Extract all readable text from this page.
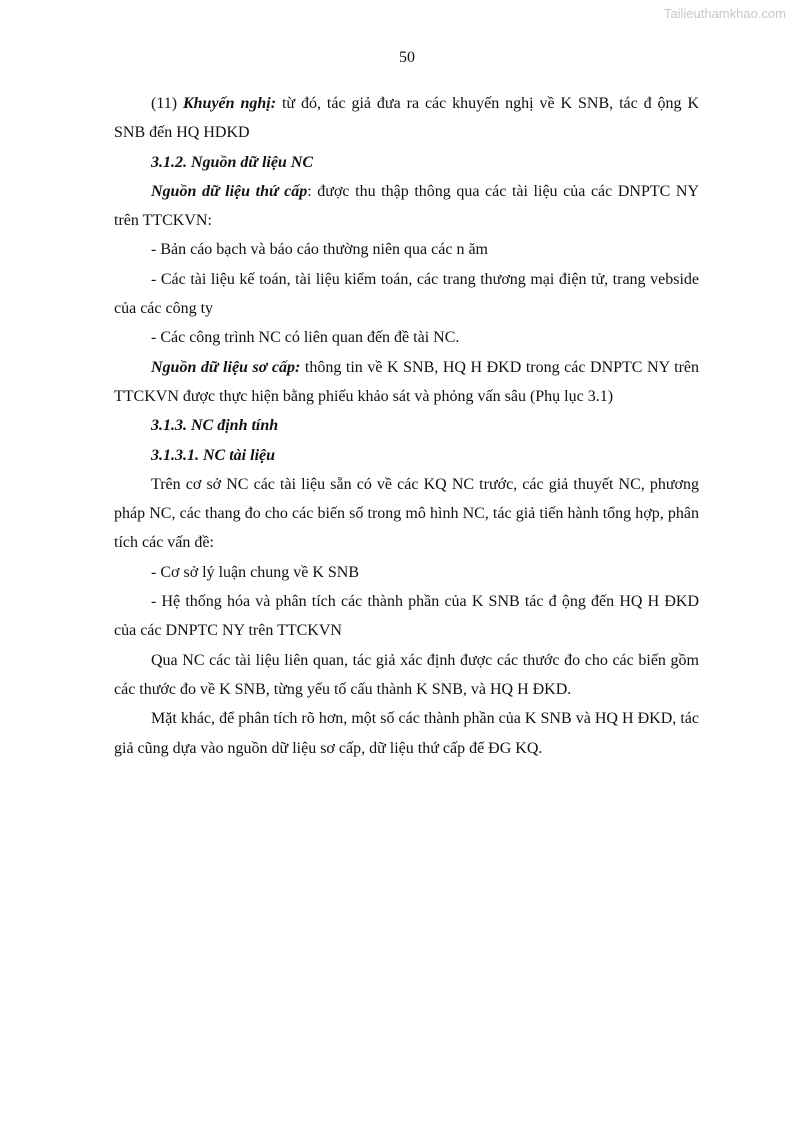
Tailieuthamkhao.com
50

(11) Khuyến nghị: từ đó, tác giả đưa ra các khuyến nghị về K SNB, tác đ ộng K SNB đến HQ HDKD

3.1.2. Nguồn dữ liệu NC

Nguồn dữ liệu thứ cấp: được thu thập thông qua các tài liệu của các DNPTC NY trên TTCKVN:

- Bản cáo bạch và báo cáo thường niên qua các n ăm

- Các tài liệu kế toán, tài liệu kiểm toán, các trang thương mại điện tử, trang vebside của các công ty

- Các công trình NC có liên quan đến đề tài NC.

Nguồn dữ liệu sơ cấp: thông tin về K SNB, HQ H ĐKD trong các DNPTC NY trên TTCKVN được thực hiện bằng phiếu khảo sát và phỏng vấn sâu (Phụ lục 3.1)

3.1.3. NC định tính

3.1.3.1. NC tài liệu

Trên cơ sở NC các tài liệu sẵn có về các KQ NC trước, các giả thuyết NC, phương pháp NC, các thang đo cho các biến số trong mô hình NC, tác giả tiến hành tổng hợp, phân tích các vấn đề:

- Cơ sở lý luận chung về K SNB

- Hệ thống hóa và phân tích các thành phần của K SNB tác đ ộng đến HQ H ĐKD của các DNPTC NY trên TTCKVN

Qua NC các tài liệu liên quan, tác giả xác định được các thước đo cho các biến gồm các thước đo về K SNB, từng yếu tố cấu thành K SNB, và HQ H ĐKD.

Mặt khác, để phân tích rõ hơn, một số các thành phần của K SNB và HQ H ĐKD, tác giả cũng dựa vào nguồn dữ liệu sơ cấp, dữ liệu thứ cấp để ĐG KQ.
